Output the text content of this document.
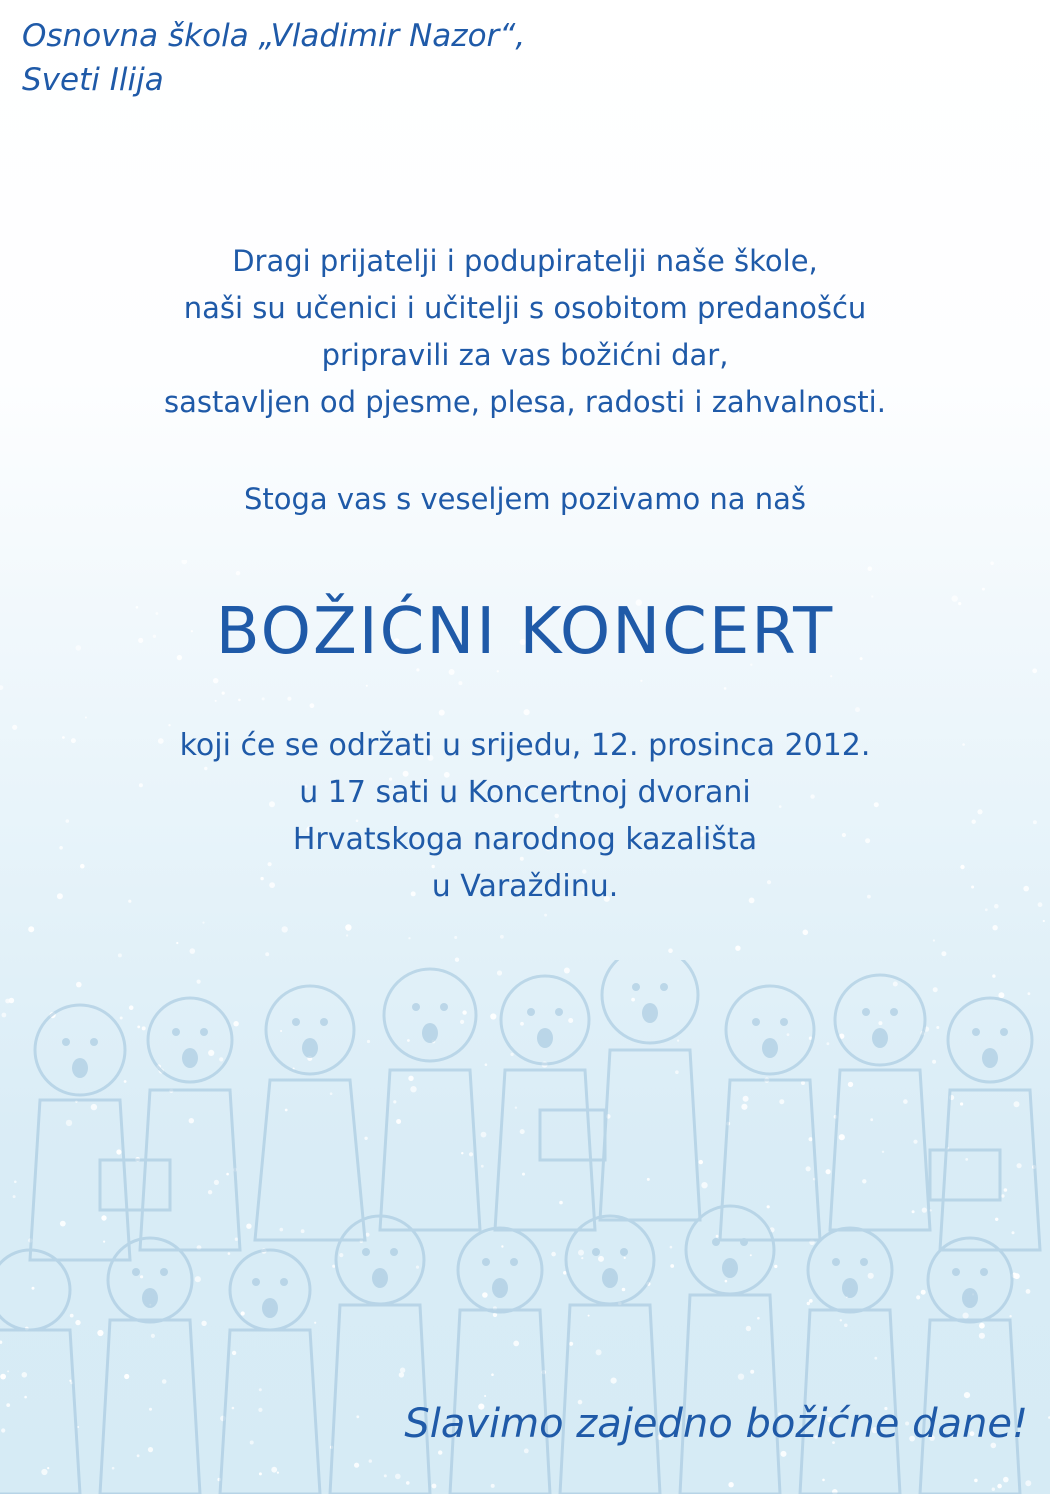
Osnovna škola „Vladimir Nazor“,
Sveti Ilija

Dragi prijatelji i podupiratelji naše škole,
naši su učenici i učitelji s osobitom predanošću
pripravili za vas božićni dar,
sastavljen od pjesme, plesa, radosti i zahvalnosti.

Stoga vas s veseljem pozivamo na naš

BOŽIĆNI KONCERT

koji će se održati u srijedu, 12. prosinca 2012.
u 17 sati u Koncertnoj dvorani
Hrvatskoga narodnog kazališta
u Varaždinu.

Slavimo zajedno božićne dane!
